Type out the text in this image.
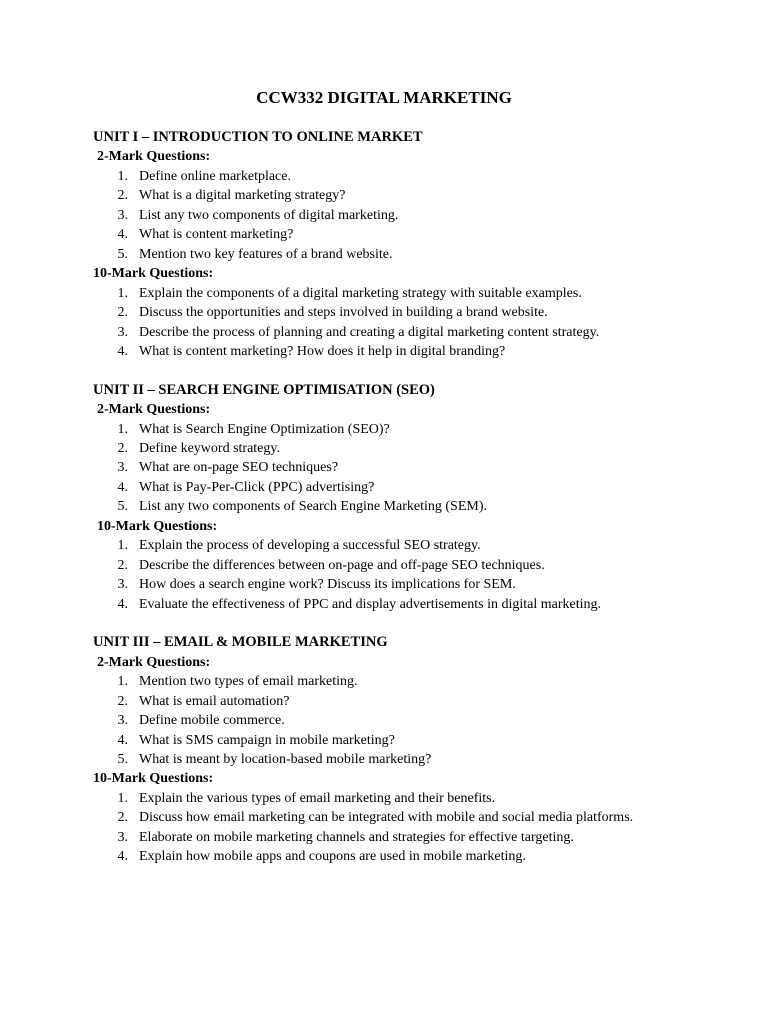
CCW332 DIGITAL MARKETING
UNIT I – INTRODUCTION TO ONLINE MARKET
2-Mark Questions:
1. Define online marketplace.
2. What is a digital marketing strategy?
3. List any two components of digital marketing.
4. What is content marketing?
5. Mention two key features of a brand website.
10-Mark Questions:
1. Explain the components of a digital marketing strategy with suitable examples.
2. Discuss the opportunities and steps involved in building a brand website.
3. Describe the process of planning and creating a digital marketing content strategy.
4. What is content marketing? How does it help in digital branding?
UNIT II – SEARCH ENGINE OPTIMISATION (SEO)
2-Mark Questions:
1. What is Search Engine Optimization (SEO)?
2. Define keyword strategy.
3. What are on-page SEO techniques?
4. What is Pay-Per-Click (PPC) advertising?
5. List any two components of Search Engine Marketing (SEM).
10-Mark Questions:
1. Explain the process of developing a successful SEO strategy.
2. Describe the differences between on-page and off-page SEO techniques.
3. How does a search engine work? Discuss its implications for SEM.
4. Evaluate the effectiveness of PPC and display advertisements in digital marketing.
UNIT III – EMAIL & MOBILE MARKETING
2-Mark Questions:
1. Mention two types of email marketing.
2. What is email automation?
3. Define mobile commerce.
4. What is SMS campaign in mobile marketing?
5. What is meant by location-based mobile marketing?
10-Mark Questions:
1. Explain the various types of email marketing and their benefits.
2. Discuss how email marketing can be integrated with mobile and social media platforms.
3. Elaborate on mobile marketing channels and strategies for effective targeting.
4. Explain how mobile apps and coupons are used in mobile marketing.
